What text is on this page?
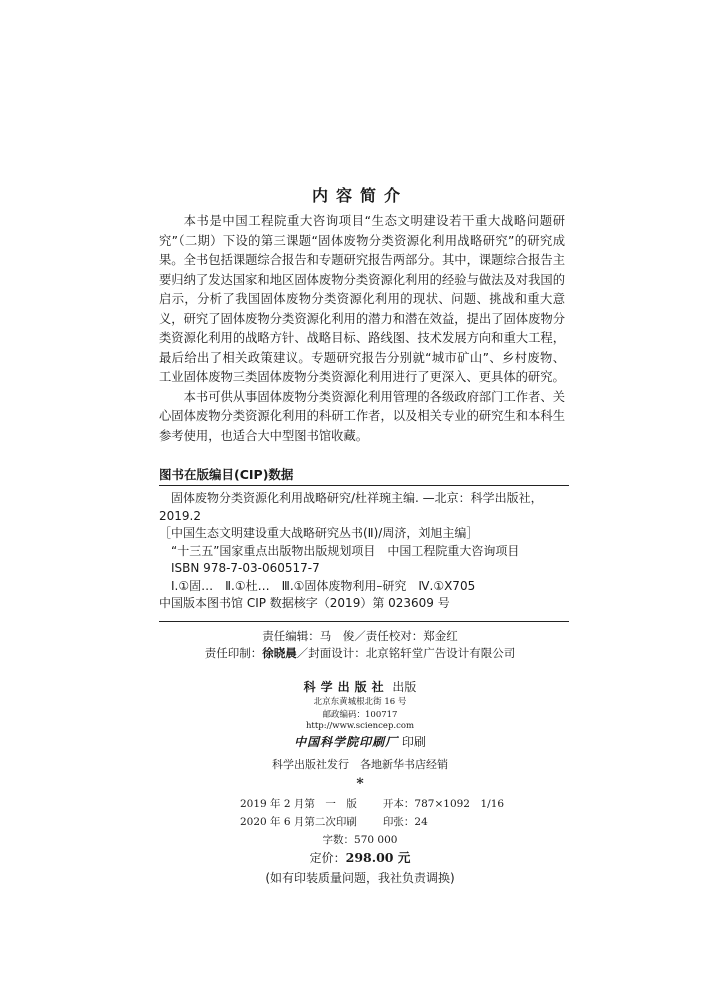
内容简介

本书是中国工程院重大咨询项目“生态文明建设若干重大战略问题研究”（二期）下设的第三课题“固体废物分类资源化利用战略研究”的研究成果。全书包括课题综合报告和专题研究报告两部分。其中，课题综合报告主要归纳了发达国家和地区固体废物分类资源化利用的经验与做法及对我国的启示，分析了我国固体废物分类资源化利用的现状、问题、挑战和重大意义，研究了固体废物分类资源化利用的潜力和潜在效益，提出了固体废物分类资源化利用的战略方针、战略目标、路线图、技术发展方向和重大工程，最后给出了相关政策建议。专题研究报告分别就“城市矿山”、乡村废物、工业固体废物三类固体废物分类资源化利用进行了更深入、更具体的研究。

本书可供从事固体废物分类资源化利用管理的各级政府部门工作者、关心固体废物分类资源化利用的科研工作者，以及相关专业的研究生和本科生参考使用，也适合大中型图书馆收藏。

图书在版编目(CIP)数据
固体废物分类资源化利用战略研究/杜祥琬主编. —北京：科学出版社，
2019.2
［中国生态文明建设重大战略研究丛书(Ⅱ)/周济，刘旭主编］
“十三五”国家重点出版物出版规划项目　中国工程院重大咨询项目
ISBN 978-7-03-060517-7
Ⅰ.①固…　Ⅱ.①杜…　Ⅲ.①固体废物利用–研究　Ⅳ.①X705
中国版本图书馆 CIP 数据核字（2019）第 023609 号
责任编辑：马　俊／责任校对：郑金红
责任印制：徐晓晨／封面设计：北京铭轩堂广告设计有限公司
科学出版社 出版
北京东黄城根北街 16 号
邮政编码：100717
http://www.sciencep.com
中国科学院印刷厂 印刷
科学出版社发行　各地新华书店经销
*
2019 年 2 月第　一　版 开本：787×1092　1/16
2020 年 6 月第二次印刷 印张：24
字数：570 000
定价：298.00 元
(如有印装质量问题，我社负责调换)
